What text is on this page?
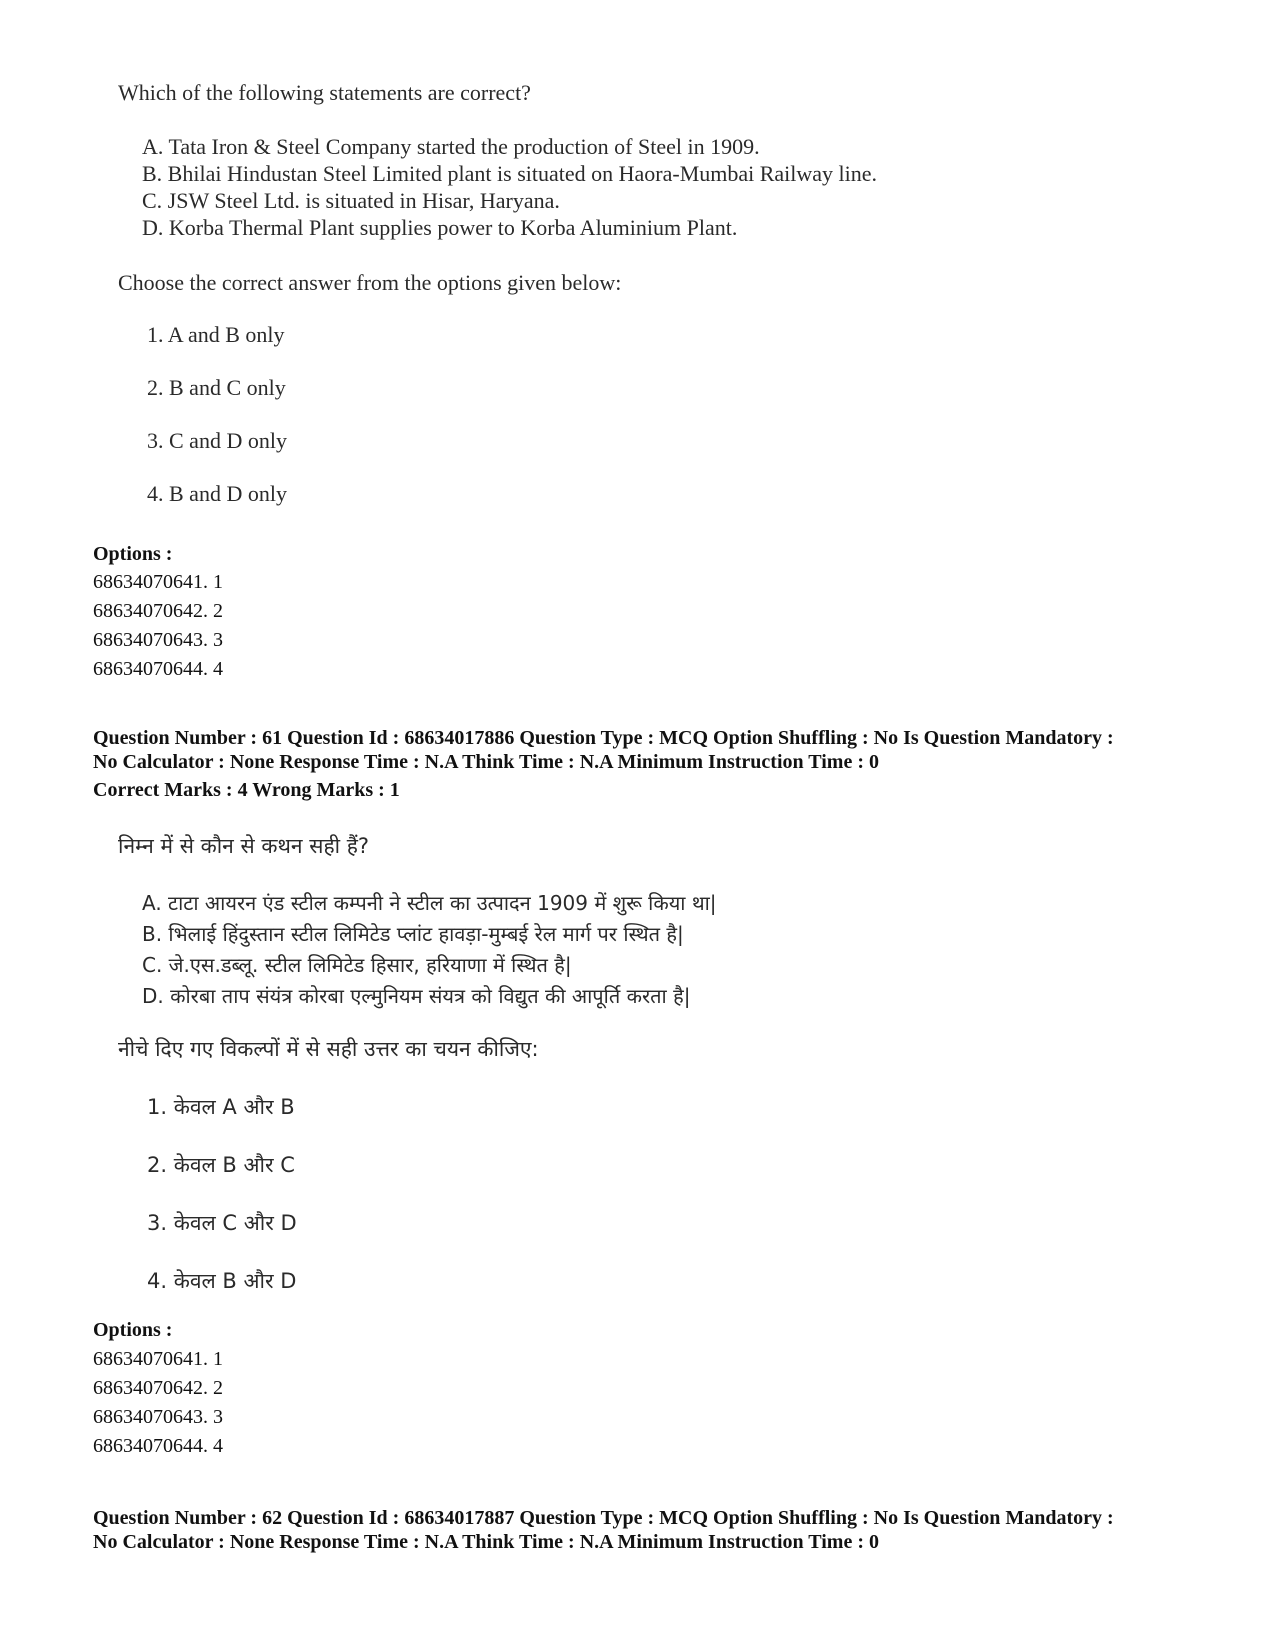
Which of the following statements are correct?
A. Tata Iron & Steel Company started the production of Steel in 1909.
B. Bhilai Hindustan Steel Limited plant is situated on Haora-Mumbai Railway line.
C. JSW Steel Ltd. is situated in Hisar, Haryana.
D. Korba Thermal Plant supplies power to Korba Aluminium Plant.
Choose the correct answer from the options given below:
1. A and B only
2. B and C only
3. C and D only
4. B and D only
Options :
68634070641. 1
68634070642. 2
68634070643. 3
68634070644. 4
Question Number : 61 Question Id : 68634017886 Question Type : MCQ Option Shuffling : No Is Question Mandatory :
No Calculator : None Response Time : N.A Think Time : N.A Minimum Instruction Time : 0
Correct Marks : 4 Wrong Marks : 1
निम्न में से कौन से कथन सही हैं?
A. टाटा आयरन एंड स्टील कम्पनी ने स्टील का उत्पादन 1909 में शुरू किया था|
B. भिलाई हिंदुस्तान स्टील लिमिटेड प्लांट हावड़ा-मुम्बई रेल मार्ग पर स्थित है|
C. जे.एस.डब्लू. स्टील लिमिटेड हिसार, हरियाणा में स्थित है|
D. कोरबा ताप संयंत्र कोरबा एल्मुनियम संयत्र को विद्युत की आपूर्ति करता है|
नीचे दिए गए विकल्पों में से सही उत्तर का चयन कीजिए:
1. केवल A और B
2. केवल B और C
3. केवल C और D
4. केवल B और D
Options :
68634070641. 1
68634070642. 2
68634070643. 3
68634070644. 4
Question Number : 62 Question Id : 68634017887 Question Type : MCQ Option Shuffling : No Is Question Mandatory :
No Calculator : None Response Time : N.A Think Time : N.A Minimum Instruction Time : 0
